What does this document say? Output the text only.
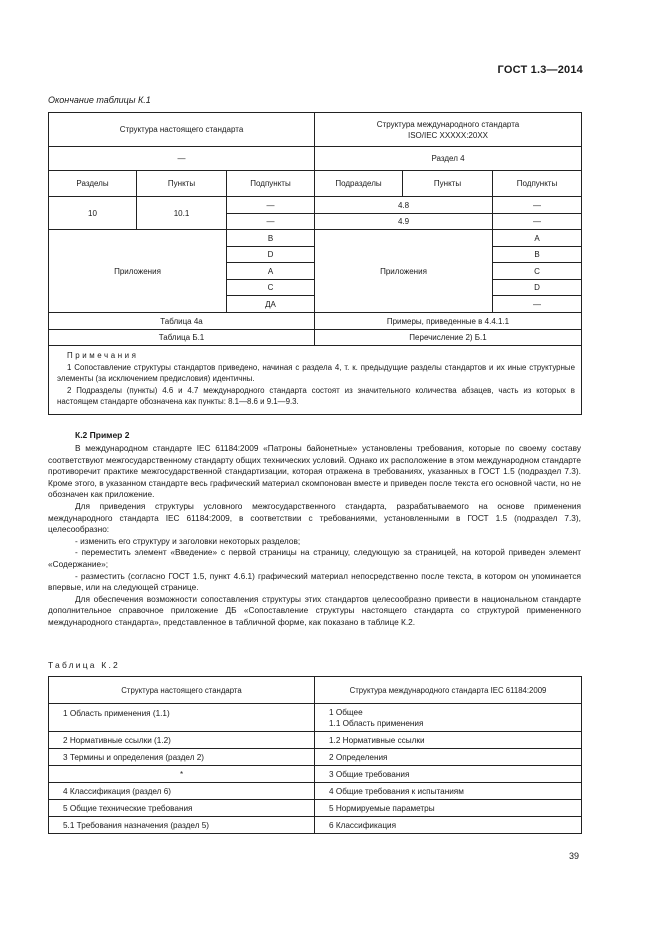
ГОСТ 1.3—2014
Окончание таблицы К.1
Структура настоящего стандарта			Структура международного стандарта
ISO/IEC XXXXX:20XX		

—			Раздел 4		
Разделы	Пункты	Подпункты	Подразделы	Пункты	Подпункты
10	10.1	—	4.8		—
		—	4.9		—
Приложения		В	Приложения		А
		D			В
		А			С
		С			D
		ДА			—
Таблица 4а			Примеры, приведенные в 4.4.1.1		
Таблица Б.1			Перечисление 2) Б.1		

Примечания

1 Сопоставление структуры стандартов приведено, начиная с раздела 4, т. к. предыдущие разделы стандартов и их иные структурные элементы (за исключением предисловия) идентичны.

2 Подразделы (пункты) 4.6 и 4.7 международного стандарта состоят из значительного количества абзацев, часть из которых в настоящем стандарте обозначена как пункты: 8.1—8.6 и 9.1—9.3.					

К.2 Пример 2

В международном стандарте IEC 61184:2009 «Патроны байонетные» установлены требования, которые по своему составу соответствуют межгосударственному стандарту общих технических условий. Однако их расположение в этом международном стандарте противоречит практике межгосударственной стандартизации, которая отражена в требованиях, указанных в ГОСТ 1.5 (подраздел 7.3). Кроме этого, в указанном стандарте весь графический материал скомпонован вместе и приведен после текста его основной части, но не обозначен как приложение.

Для приведения структуры условного межгосударственного стандарта, разрабатываемого на основе применения международного стандарта IEC 61184:2009, в соответствии с требованиями, установленными в ГОСТ 1.5 (подраздел 7.3), целесообразно:

- изменить его структуру и заголовки некоторых разделов;

- переместить элемент «Введение» с первой страницы на страницу, следующую за страницей, на которой приведен элемент «Содержание»;

- разместить (согласно ГОСТ 1.5, пункт 4.6.1) графический материал непосредственно после текста, в котором он упоминается впервые, или на следующей странице.

Для обеспечения возможности сопоставления структуры этих стандартов целесообразно привести в национальном стандарте дополнительное справочное приложение ДБ «Сопоставление структуры настоящего стандарта со структурой примененного международного стандарта», представленное в табличной форме, как показано в таблице К.2.

Таблица К.2
Структура настоящего стандарта	Структура международного стандарта IEC 61184:2009
1 Область применения (1.1)	1 Общее
1.1 Область применения

2 Нормативные ссылки (1.2)	1.2 Нормативные ссылки
3 Термины и определения (раздел 2)	2 Определения
*	3 Общие требования
4 Классификация (раздел 6)	4 Общие требования к испытаниям
5 Общие технические требования	5 Нормируемые параметры
5.1 Требования назначения (раздел 5)	6 Классификация
39
